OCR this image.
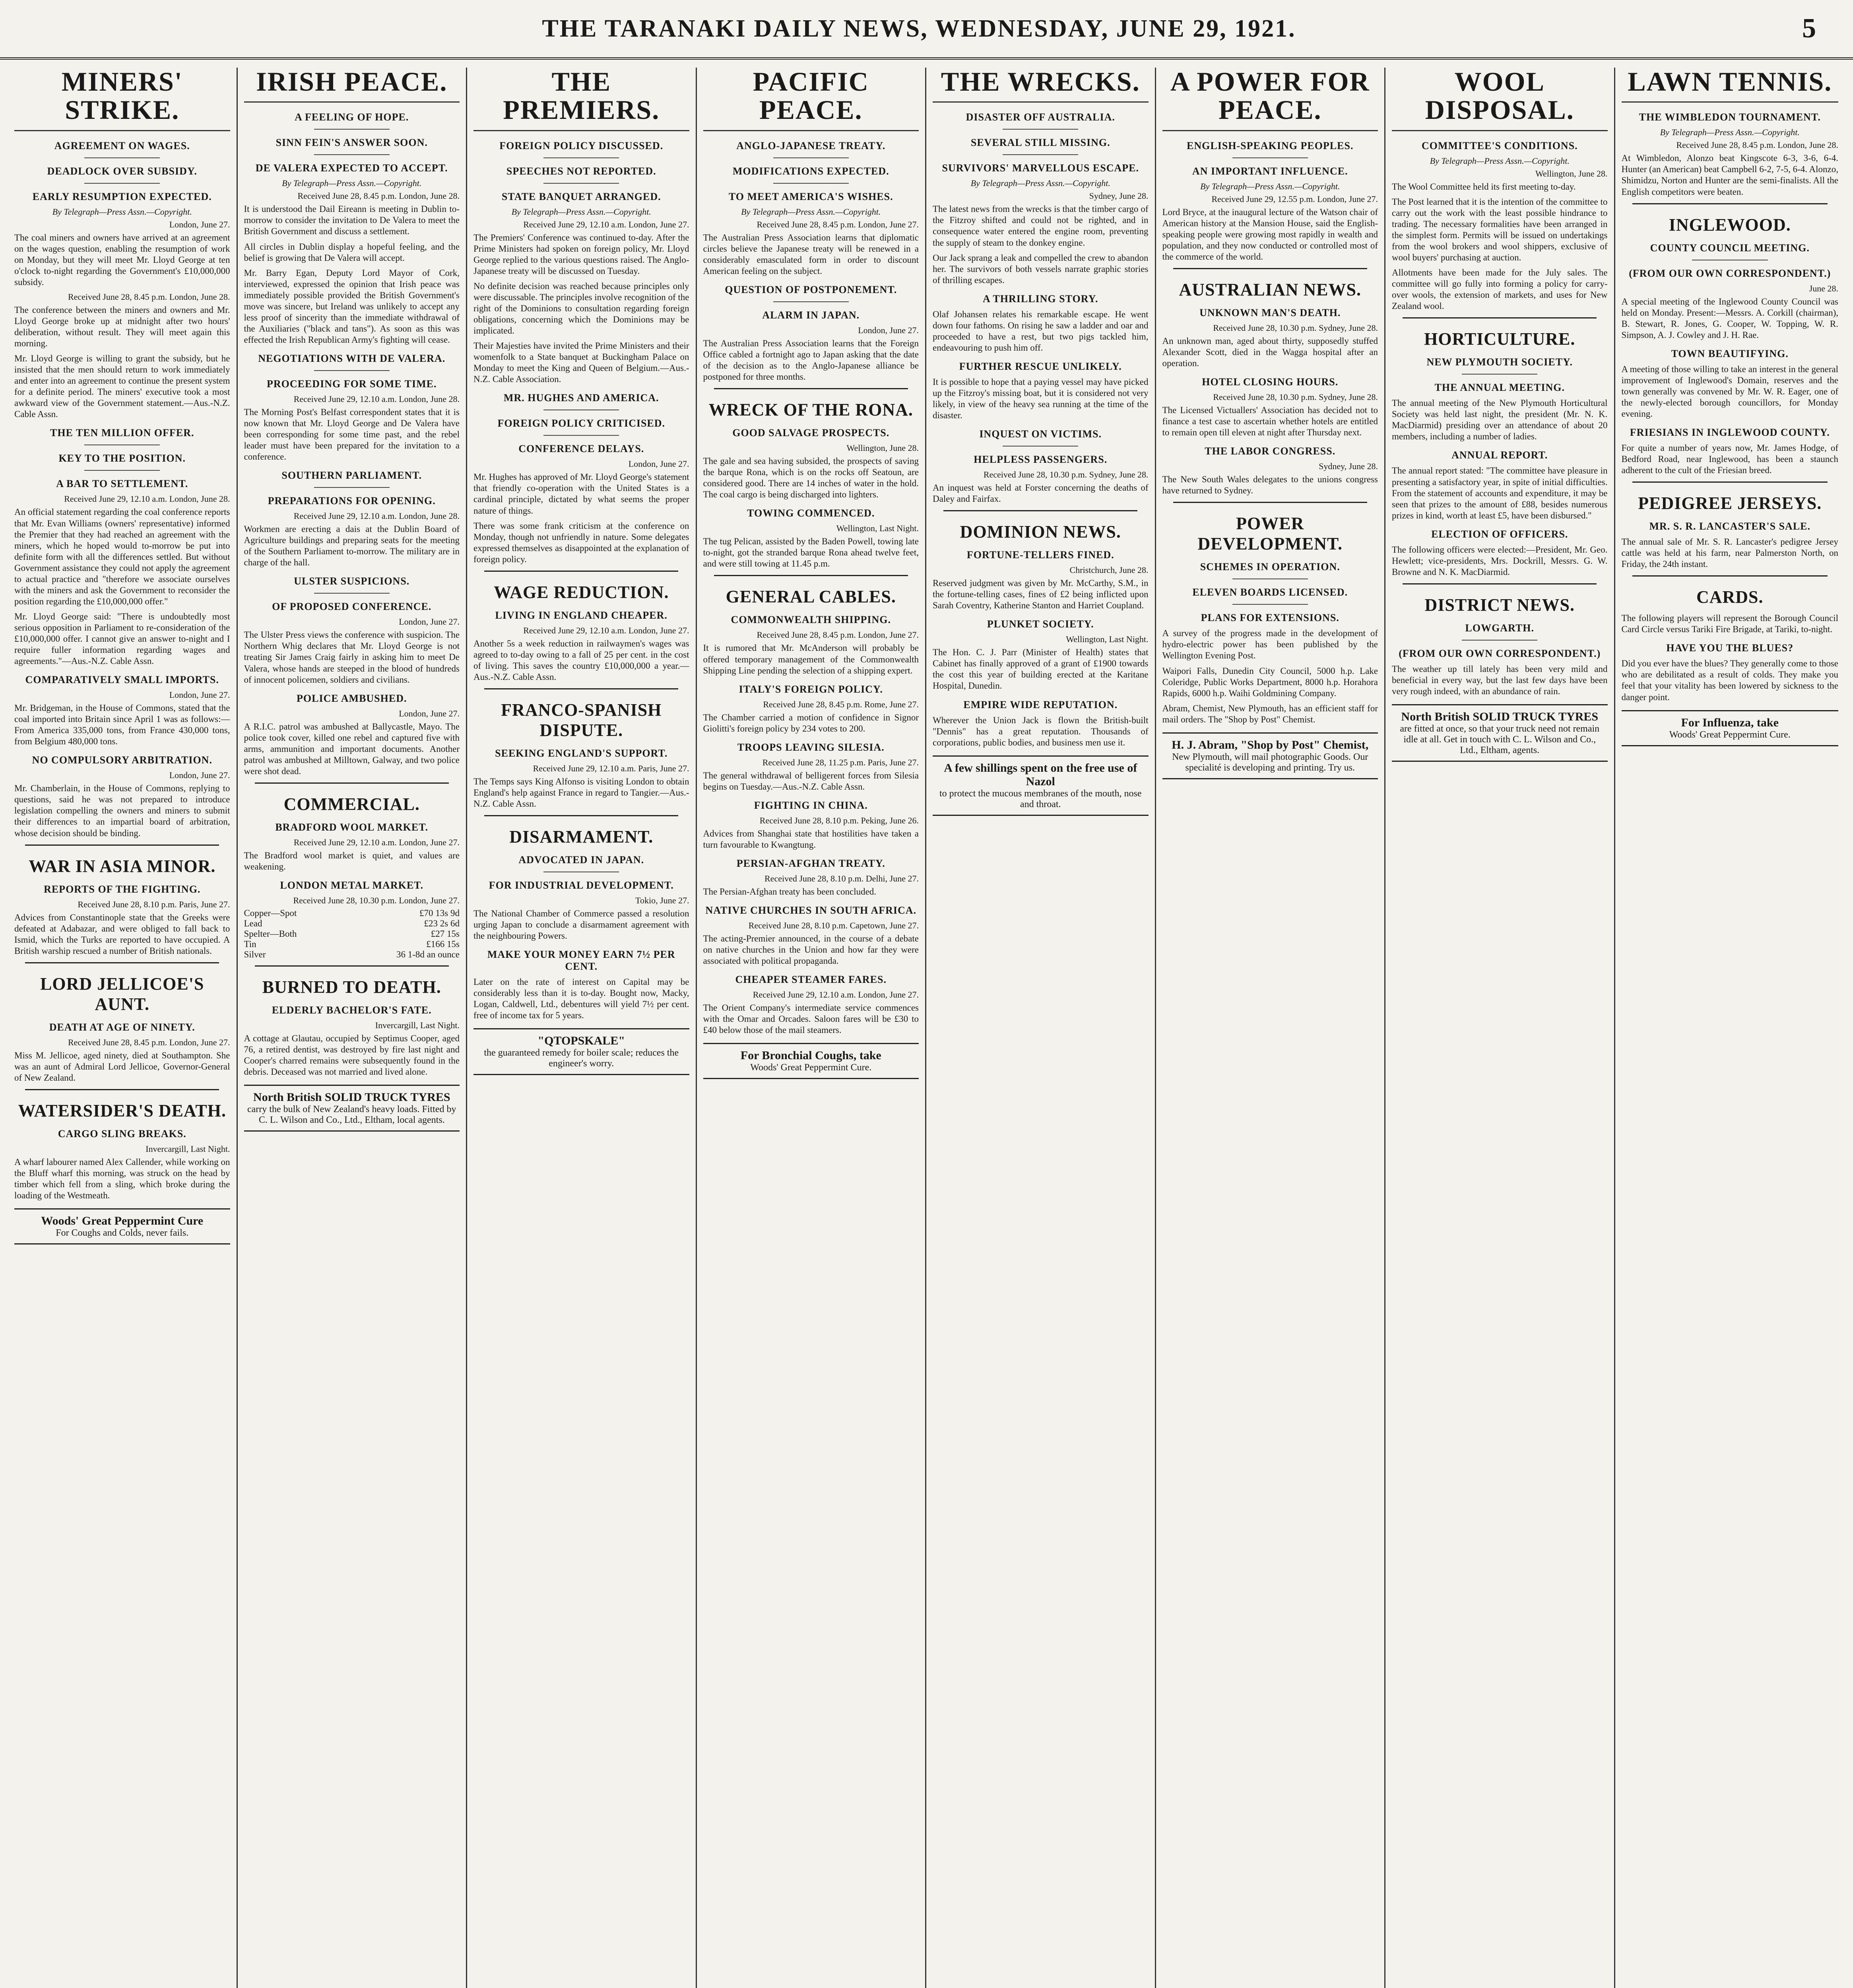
THE TARANAKI DAILY NEWS, WEDNESDAY, JUNE 29, 1921.	5
MINERS' STRIKE.
AGREEMENT ON WAGES.
DEADLOCK OVER SUBSIDY.
EARLY RESUMPTION EXPECTED.
By Telegraph—Press Assn.—Copyright.
London, June 27.

The coal miners and owners have arrived at an agreement on the wages question, enabling the resumption of work on Monday, but they will meet Mr. Lloyd George at ten o'clock to-night regarding the Government's £10,000,000 subsidy.

Received June 28, 8.45 p.m. London, June 28.

The conference between the miners and owners and Mr. Lloyd George broke up at midnight after two hours' deliberation, without result. They will meet again this morning.

Mr. Lloyd George is willing to grant the subsidy, but he insisted that the men should return to work immediately and enter into an agreement to continue the present system for a definite period. The miners' executive took a most awkward view of the Government statement.—Aus.-N.Z. Cable Assn.

THE TEN MILLION OFFER.
KEY TO THE POSITION.
A BAR TO SETTLEMENT.
Received June 29, 12.10 a.m. London, June 28.

An official statement regarding the coal conference reports that Mr. Evan Williams (owners' representative) informed the Premier that they had reached an agreement with the miners, which he hoped would to-morrow be put into definite form with all the differences settled. But without Government assistance they could not apply the agreement to actual practice and "therefore we associate ourselves with the miners and ask the Government to reconsider the position regarding the £10,000,000 offer."

Mr. Lloyd George said: "There is undoubtedly most serious opposition in Parliament to re-consideration of the £10,000,000 offer. I cannot give an answer to-night and I require fuller information regarding wages and agreements."—Aus.-N.Z. Cable Assn.

COMPARATIVELY SMALL IMPORTS.
London, June 27.

Mr. Bridgeman, in the House of Commons, stated that the coal imported into Britain since April 1 was as follows:—From America 335,000 tons, from France 430,000 tons, from Belgium 480,000 tons.

NO COMPULSORY ARBITRATION.
London, June 27.

Mr. Chamberlain, in the House of Commons, replying to questions, said he was not prepared to introduce legislation compelling the owners and miners to submit their differences to an impartial board of arbitration, whose decision should be binding.

WAR IN ASIA MINOR.
REPORTS OF THE FIGHTING.
Received June 28, 8.10 p.m. Paris, June 27.

Advices from Constantinople state that the Greeks were defeated at Adabazar, and were obliged to fall back to Ismid, which the Turks are reported to have occupied. A British warship rescued a number of British nationals.

LORD JELLICOE'S AUNT.
DEATH AT AGE OF NINETY.
Received June 28, 8.45 p.m. London, June 27.

Miss M. Jellicoe, aged ninety, died at Southampton. She was an aunt of Admiral Lord Jellicoe, Governor-General of New Zealand.

WATERSIDER'S DEATH.
CARGO SLING BREAKS.
Invercargill, Last Night.

A wharf labourer named Alex Callender, while working on the Bluff wharf this morning, was struck on the head by timber which fell from a sling, which broke during the loading of the Westmeath.

Woods' Great Peppermint Cure
For Coughs and Colds, never fails.
IRISH PEACE.
A FEELING OF HOPE.
SINN FEIN'S ANSWER SOON.
DE VALERA EXPECTED TO ACCEPT.
By Telegraph—Press Assn.—Copyright.
Received June 28, 8.45 p.m. London, June 28.

It is understood the Dail Eireann is meeting in Dublin to-morrow to consider the invitation to De Valera to meet the British Government and discuss a settlement.

All circles in Dublin display a hopeful feeling, and the belief is growing that De Valera will accept.

Mr. Barry Egan, Deputy Lord Mayor of Cork, interviewed, expressed the opinion that Irish peace was immediately possible provided the British Government's move was sincere, but Ireland was unlikely to accept any less proof of sincerity than the immediate withdrawal of the Auxiliaries ("black and tans"). As soon as this was effected the Irish Republican Army's fighting will cease.

NEGOTIATIONS WITH DE VALERA.
PROCEEDING FOR SOME TIME.
Received June 29, 12.10 a.m. London, June 28.

The Morning Post's Belfast correspondent states that it is now known that Mr. Lloyd George and De Valera have been corresponding for some time past, and the rebel leader must have been prepared for the invitation to a conference.

SOUTHERN PARLIAMENT.
PREPARATIONS FOR OPENING.
Received June 29, 12.10 a.m. London, June 28.

Workmen are erecting a dais at the Dublin Board of Agriculture buildings and preparing seats for the meeting of the Southern Parliament to-morrow. The military are in charge of the hall.

ULSTER SUSPICIONS.
OF PROPOSED CONFERENCE.
London, June 27.

The Ulster Press views the conference with suspicion. The Northern Whig declares that Mr. Lloyd George is not treating Sir James Craig fairly in asking him to meet De Valera, whose hands are steeped in the blood of hundreds of innocent policemen, soldiers and civilians.

POLICE AMBUSHED.
London, June 27.

A R.I.C. patrol was ambushed at Ballycastle, Mayo. The police took cover, killed one rebel and captured five with arms, ammunition and important documents. Another patrol was ambushed at Milltown, Galway, and two police were shot dead.

COMMERCIAL.
BRADFORD WOOL MARKET.
Received June 29, 12.10 a.m. London, June 27.

The Bradford wool market is quiet, and values are weakening.

LONDON METAL MARKET.
Received June 28, 10.30 p.m. London, June 27.
Copper—Spot	£70 13s 9d
Lead	£23 2s 6d
Spelter—Both	£27 15s
Tin	£166 15s
Silver	36 1-8d an ounce
BURNED TO DEATH.
ELDERLY BACHELOR'S FATE.
Invercargill, Last Night.

A cottage at Glautau, occupied by Septimus Cooper, aged 76, a retired dentist, was destroyed by fire last night and Cooper's charred remains were subsequently found in the debris. Deceased was not married and lived alone.

North British SOLID TRUCK TYRES
carry the bulk of New Zealand's heavy loads. Fitted by C. L. Wilson and Co., Ltd., Eltham, local agents.
THE PREMIERS.
FOREIGN POLICY DISCUSSED.
SPEECHES NOT REPORTED.
STATE BANQUET ARRANGED.
By Telegraph—Press Assn.—Copyright.
Received June 29, 12.10 a.m. London, June 27.

The Premiers' Conference was continued to-day. After the Prime Ministers had spoken on foreign policy, Mr. Lloyd George replied to the various questions raised. The Anglo-Japanese treaty will be discussed on Tuesday.

No definite decision was reached because principles only were discussable. The principles involve recognition of the right of the Dominions to consultation regarding foreign obligations, concerning which the Dominions may be implicated.

Their Majesties have invited the Prime Ministers and their womenfolk to a State banquet at Buckingham Palace on Monday to meet the King and Queen of Belgium.—Aus.-N.Z. Cable Association.

MR. HUGHES AND AMERICA.
FOREIGN POLICY CRITICISED.
CONFERENCE DELAYS.
London, June 27.

Mr. Hughes has approved of Mr. Lloyd George's statement that friendly co-operation with the United States is a cardinal principle, dictated by what seems the proper nature of things.

There was some frank criticism at the conference on Monday, though not unfriendly in nature. Some delegates expressed themselves as disappointed at the explanation of foreign policy.

WAGE REDUCTION.
LIVING IN ENGLAND CHEAPER.
Received June 29, 12.10 a.m. London, June 27.

Another 5s a week reduction in railwaymen's wages was agreed to to-day owing to a fall of 25 per cent. in the cost of living. This saves the country £10,000,000 a year.—Aus.-N.Z. Cable Assn.

FRANCO-SPANISH DISPUTE.
SEEKING ENGLAND'S SUPPORT.
Received June 29, 12.10 a.m. Paris, June 27.

The Temps says King Alfonso is visiting London to obtain England's help against France in regard to Tangier.—Aus.-N.Z. Cable Assn.

DISARMAMENT.
ADVOCATED IN JAPAN.
FOR INDUSTRIAL DEVELOPMENT.
Tokio, June 27.

The National Chamber of Commerce passed a resolution urging Japan to conclude a disarmament agreement with the neighbouring Powers.

MAKE YOUR MONEY EARN 7½ PER CENT.

Later on the rate of interest on Capital may be considerably less than it is to-day. Bought now, Macky, Logan, Caldwell, Ltd., debentures will yield 7½ per cent. free of income tax for 5 years.

"QTOPSKALE"
the guaranteed remedy for boiler scale; reduces the engineer's worry.
PACIFIC PEACE.
ANGLO-JAPANESE TREATY.
MODIFICATIONS EXPECTED.
TO MEET AMERICA'S WISHES.
By Telegraph—Press Assn.—Copyright.
Received June 28, 8.45 p.m. London, June 27.

The Australian Press Association learns that diplomatic circles believe the Japanese treaty will be renewed in a considerably emasculated form in order to discount American feeling on the subject.

QUESTION OF POSTPONEMENT.
ALARM IN JAPAN.
London, June 27.

The Australian Press Association learns that the Foreign Office cabled a fortnight ago to Japan asking that the date of the decision as to the Anglo-Japanese alliance be postponed for three months.

WRECK OF THE RONA.
GOOD SALVAGE PROSPECTS.
Wellington, June 28.

The gale and sea having subsided, the prospects of saving the barque Rona, which is on the rocks off Seatoun, are considered good. There are 14 inches of water in the hold. The coal cargo is being discharged into lighters.

TOWING COMMENCED.
Wellington, Last Night.

The tug Pelican, assisted by the Baden Powell, towing late to-night, got the stranded barque Rona ahead twelve feet, and were still towing at 11.45 p.m.

GENERAL CABLES.
COMMONWEALTH SHIPPING.
Received June 28, 8.45 p.m. London, June 27.

It is rumored that Mr. McAnderson will probably be offered temporary management of the Commonwealth Shipping Line pending the selection of a shipping expert.

ITALY'S FOREIGN POLICY.
Received June 28, 8.45 p.m. Rome, June 27.

The Chamber carried a motion of confidence in Signor Giolitti's foreign policy by 234 votes to 200.

TROOPS LEAVING SILESIA.
Received June 28, 11.25 p.m. Paris, June 27.

The general withdrawal of belligerent forces from Silesia begins on Tuesday.—Aus.-N.Z. Cable Assn.

FIGHTING IN CHINA.
Received June 28, 8.10 p.m. Peking, June 26.

Advices from Shanghai state that hostilities have taken a turn favourable to Kwangtung.

PERSIAN-AFGHAN TREATY.
Received June 28, 8.10 p.m. Delhi, June 27.

The Persian-Afghan treaty has been concluded.

NATIVE CHURCHES IN SOUTH AFRICA.
Received June 28, 8.10 p.m. Capetown, June 27.

The acting-Premier announced, in the course of a debate on native churches in the Union and how far they were associated with political propaganda.

CHEAPER STEAMER FARES.
Received June 29, 12.10 a.m. London, June 27.

The Orient Company's intermediate service commences with the Omar and Orcades. Saloon fares will be £30 to £40 below those of the mail steamers.

For Bronchial Coughs, take
Woods' Great Peppermint Cure.
THE WRECKS.
DISASTER OFF AUSTRALIA.
SEVERAL STILL MISSING.
SURVIVORS' MARVELLOUS ESCAPE.
By Telegraph—Press Assn.—Copyright.
Sydney, June 28.

The latest news from the wrecks is that the timber cargo of the Fitzroy shifted and could not be righted, and in consequence water entered the engine room, preventing the supply of steam to the donkey engine.

Our Jack sprang a leak and compelled the crew to abandon her. The survivors of both vessels narrate graphic stories of thrilling escapes.

A THRILLING STORY.

Olaf Johansen relates his remarkable escape. He went down four fathoms. On rising he saw a ladder and oar and proceeded to have a rest, but two pigs tackled him, endeavouring to push him off.

FURTHER RESCUE UNLIKELY.

It is possible to hope that a paying vessel may have picked up the Fitzroy's missing boat, but it is considered not very likely, in view of the heavy sea running at the time of the disaster.

INQUEST ON VICTIMS.
HELPLESS PASSENGERS.
Received June 28, 10.30 p.m. Sydney, June 28.

An inquest was held at Forster concerning the deaths of Daley and Fairfax.

DOMINION NEWS.
FORTUNE-TELLERS FINED.
Christchurch, June 28.

Reserved judgment was given by Mr. McCarthy, S.M., in the fortune-telling cases, fines of £2 being inflicted upon Sarah Coventry, Katherine Stanton and Harriet Coupland.

PLUNKET SOCIETY.
Wellington, Last Night.

The Hon. C. J. Parr (Minister of Health) states that Cabinet has finally approved of a grant of £1900 towards the cost this year of building erected at the Karitane Hospital, Dunedin.

EMPIRE WIDE REPUTATION.

Wherever the Union Jack is flown the British-built "Dennis" has a great reputation. Thousands of corporations, public bodies, and business men use it.

A few shillings spent on the free use of Nazol
to protect the mucous membranes of the mouth, nose and throat.
A POWER FOR PEACE.
ENGLISH-SPEAKING PEOPLES.
AN IMPORTANT INFLUENCE.
By Telegraph—Press Assn.—Copyright.
Received June 29, 12.55 p.m. London, June 27.

Lord Bryce, at the inaugural lecture of the Watson chair of American history at the Mansion House, said the English-speaking people were growing most rapidly in wealth and population, and they now conducted or controlled most of the commerce of the world.

AUSTRALIAN NEWS.
UNKNOWN MAN'S DEATH.
Received June 28, 10.30 p.m. Sydney, June 28.

An unknown man, aged about thirty, supposedly stuffed Alexander Scott, died in the Wagga hospital after an operation.

HOTEL CLOSING HOURS.
Received June 28, 10.30 p.m. Sydney, June 28.

The Licensed Victuallers' Association has decided not to finance a test case to ascertain whether hotels are entitled to remain open till eleven at night after Thursday next.

THE LABOR CONGRESS.
Sydney, June 28.

The New South Wales delegates to the unions congress have returned to Sydney.

POWER DEVELOPMENT.
SCHEMES IN OPERATION.
ELEVEN BOARDS LICENSED.
PLANS FOR EXTENSIONS.

A survey of the progress made in the development of hydro-electric power has been published by the Wellington Evening Post.

Waipori Falls, Dunedin City Council, 5000 h.p. Lake Coleridge, Public Works Department, 8000 h.p. Horahora Rapids, 6000 h.p. Waihi Goldmining Company.

Abram, Chemist, New Plymouth, has an efficient staff for mail orders. The "Shop by Post" Chemist.

H. J. Abram, "Shop by Post" Chemist,
New Plymouth, will mail photographic Goods. Our specialité is developing and printing. Try us.
WOOL DISPOSAL.
COMMITTEE'S CONDITIONS.
By Telegraph—Press Assn.—Copyright.
Wellington, June 28.

The Wool Committee held its first meeting to-day.

The Post learned that it is the intention of the committee to carry out the work with the least possible hindrance to trading. The necessary formalities have been arranged in the simplest form. Permits will be issued on undertakings from the wool brokers and wool shippers, exclusive of wool buyers' purchasing at auction.

Allotments have been made for the July sales. The committee will go fully into forming a policy for carry-over wools, the extension of markets, and uses for New Zealand wool.

HORTICULTURE.
NEW PLYMOUTH SOCIETY.
THE ANNUAL MEETING.

The annual meeting of the New Plymouth Horticultural Society was held last night, the president (Mr. N. K. MacDiarmid) presiding over an attendance of about 20 members, including a number of ladies.

ANNUAL REPORT.

The annual report stated: "The committee have pleasure in presenting a satisfactory year, in spite of initial difficulties. From the statement of accounts and expenditure, it may be seen that prizes to the amount of £88, besides numerous prizes in kind, worth at least £5, have been disbursed."

ELECTION OF OFFICERS.

The following officers were elected:—President, Mr. Geo. Hewlett; vice-presidents, Mrs. Dockrill, Messrs. G. W. Browne and N. K. MacDiarmid.

DISTRICT NEWS.
LOWGARTH.
(FROM OUR OWN CORRESPONDENT.)

The weather up till lately has been very mild and beneficial in every way, but the last few days have been very rough indeed, with an abundance of rain.

North British SOLID TRUCK TYRES
are fitted at once, so that your truck need not remain idle at all. Get in touch with C. L. Wilson and Co., Ltd., Eltham, agents.
LAWN TENNIS.
THE WIMBLEDON TOURNAMENT.
By Telegraph—Press Assn.—Copyright.
Received June 28, 8.45 p.m. London, June 28.

At Wimbledon, Alonzo beat Kingscote 6-3, 3-6, 6-4. Hunter (an American) beat Campbell 6-2, 7-5, 6-4. Alonzo, Shimidzu, Norton and Hunter are the semi-finalists. All the English competitors were beaten.

INGLEWOOD.
COUNTY COUNCIL MEETING.
(FROM OUR OWN CORRESPONDENT.)
June 28.

A special meeting of the Inglewood County Council was held on Monday. Present:—Messrs. A. Corkill (chairman), B. Stewart, R. Jones, G. Cooper, W. Topping, W. R. Simpson, A. J. Cowley and J. H. Rae.

TOWN BEAUTIFYING.

A meeting of those willing to take an interest in the general improvement of Inglewood's Domain, reserves and the town generally was convened by Mr. W. R. Eager, one of the newly-elected borough councillors, for Monday evening.

FRIESIANS IN INGLEWOOD COUNTY.

For quite a number of years now, Mr. James Hodge, of Bedford Road, near Inglewood, has been a staunch adherent to the cult of the Friesian breed.

PEDIGREE JERSEYS.
MR. S. R. LANCASTER'S SALE.

The annual sale of Mr. S. R. Lancaster's pedigree Jersey cattle was held at his farm, near Palmerston North, on Friday, the 24th instant.

CARDS.

The following players will represent the Borough Council Card Circle versus Tariki Fire Brigade, at Tariki, to-night.

HAVE YOU THE BLUES?

Did you ever have the blues? They generally come to those who are debilitated as a result of colds. They make you feel that your vitality has been lowered by sickness to the danger point.

For Influenza, take
Woods' Great Peppermint Cure.
